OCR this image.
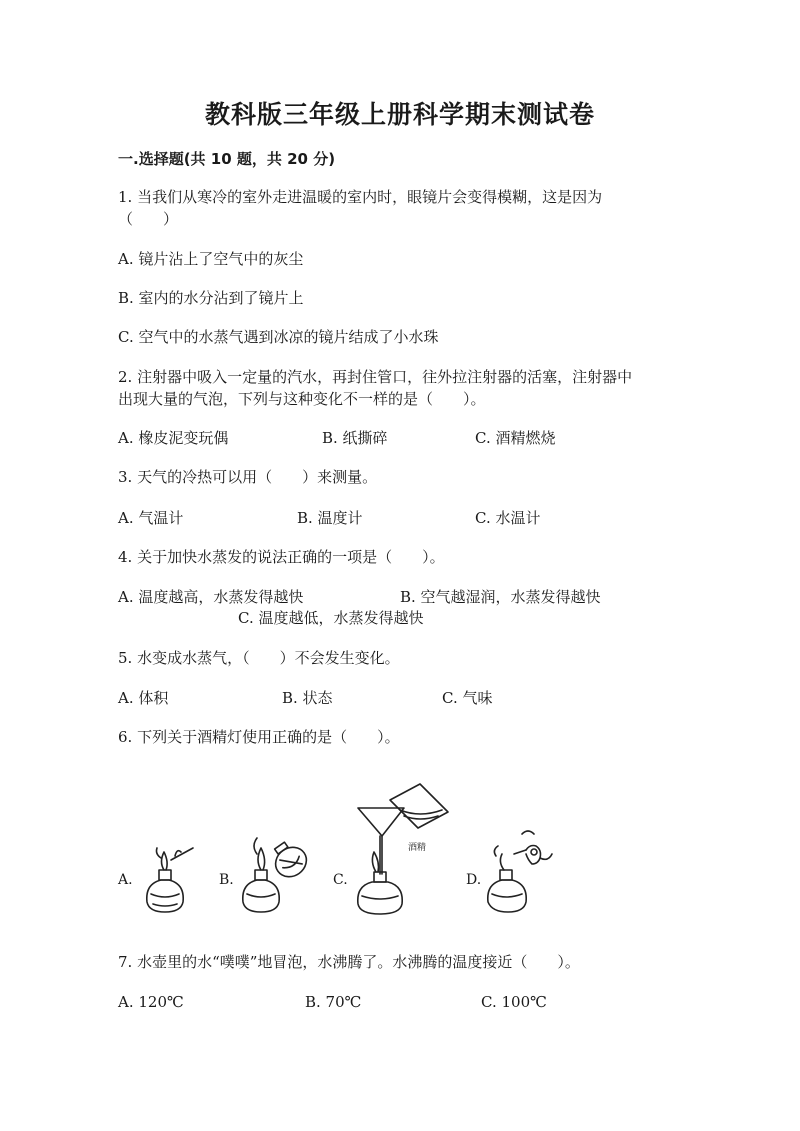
教科版三年级上册科学期末测试卷
一.选择题(共 10 题，共 20 分)
1. 当我们从寒冷的室外走进温暖的室内时，眼镜片会变得模糊，这是因为
（　　）
A. 镜片沾上了空气中的灰尘
B. 室内的水分沾到了镜片上
C. 空气中的水蒸气遇到冰凉的镜片结成了小水珠
2. 注射器中吸入一定量的汽水，再封住管口，往外拉注射器的活塞，注射器中
出现大量的气泡，下列与这种变化不一样的是（　　）。
A. 橡皮泥变玩偶	B. 纸撕碎	C. 酒精燃烧
3. 天气的冷热可以用（　　）来测量。
A. 气温计	B. 温度计	C. 水温计
4. 关于加快水蒸发的说法正确的一项是（　　）。
A. 温度越高，水蒸发得越快	B. 空气越湿润，水蒸发得越快
C. 温度越低，水蒸发得越快
5. 水变成水蒸气，（　　）不会发生变化。
A. 体积	B. 状态	C. 气味
6. 下列关于酒精灯使用正确的是（　　）。
A.	B.	C.	D.
酒精
7. 水壶里的水“噗噗”地冒泡，水沸腾了。水沸腾的温度接近（　　）。
A. 120℃	B. 70℃	C. 100℃
